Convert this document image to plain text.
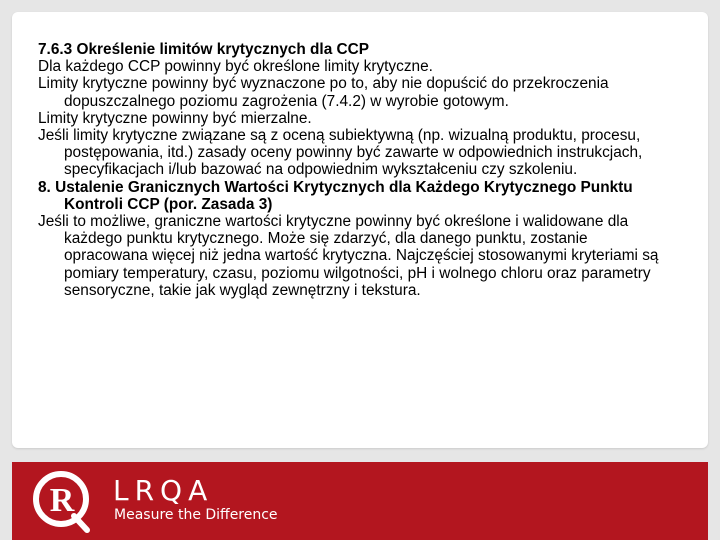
7.6.3 Określenie limitów krytycznych dla CCP

Dla każdego CCP powinny być określone limity krytyczne.

Limity krytyczne powinny być wyznaczone po to, aby nie dopuścić do przekroczenia dopuszczalnego poziomu zagrożenia (7.4.2) w wyrobie gotowym.

Limity krytyczne powinny być mierzalne.

Jeśli limity krytyczne związane są z oceną subiektywną (np. wizualną produktu, procesu, postępowania, itd.) zasady oceny powinny być zawarte w odpowiednich instrukcjach, specyfikacjach i/lub bazować na odpowiednim wykształceniu czy szkoleniu.

8. Ustalenie Granicznych Wartości Krytycznych dla Każdego Krytycznego Punktu Kontroli CCP (por. Zasada 3)

Jeśli to możliwe, graniczne wartości krytyczne powinny być określone i walidowane dla każdego punktu krytycznego. Może się zdarzyć, dla danego punktu, zostanie opracowana więcej niż jedna wartość krytyczna. Najczęściej stosowanymi kryteriami są pomiary temperatury, czasu, poziomu wilgotności, pH i wolnego chloru oraz parametry sensoryczne, takie jak wygląd zewnętrzny i tekstura.

R LRQA
Measure the Difference
